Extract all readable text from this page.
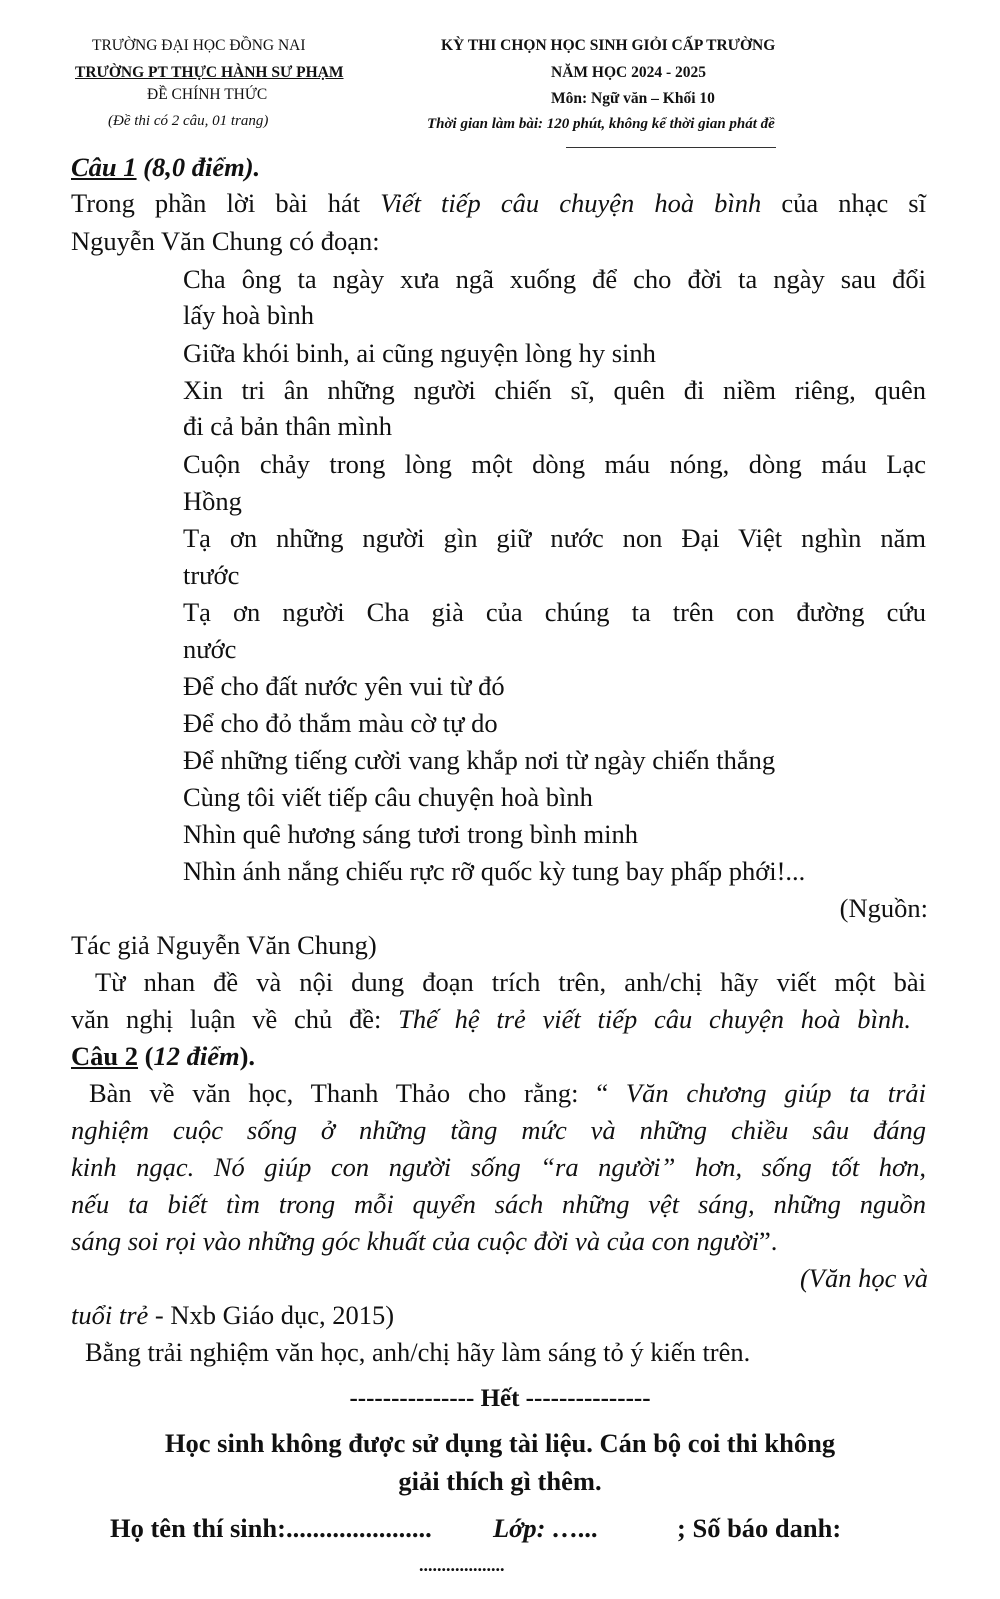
TRƯỜNG ĐẠI HỌC ĐỒNG NAI
TRƯỜNG PT THỰC HÀNH SƯ PHẠM
ĐỀ CHÍNH THỨC
(Đề thi có 2 câu, 01 trang)
KỲ THI CHỌN HỌC SINH GIỎI CẤP TRƯỜNG
NĂM HỌC 2024 - 2025
Môn: Ngữ văn – Khối 10
Thời gian làm bài: 120 phút, không kể thời gian phát đề
Câu 1 (8,0 điểm).
Trong phần lời bài hát Viết tiếp câu chuyện hoà bình của nhạc sĩ
Nguyễn Văn Chung có đoạn:
Cha ông ta ngày xưa ngã xuống để cho đời ta ngày sau đổi
lấy hoà bình
Giữa khói binh, ai cũng nguyện lòng hy sinh
Xin tri ân những người chiến sĩ, quên đi niềm riêng, quên
đi cả bản thân mình
Cuộn chảy trong lòng một dòng máu nóng, dòng máu Lạc
Hồng
Tạ ơn những người gìn giữ nước non Đại Việt nghìn năm
trước
Tạ ơn người Cha già của chúng ta trên con đường cứu
nước
Để cho đất nước yên vui từ đó
Để cho đỏ thắm màu cờ tự do
Để những tiếng cười vang khắp nơi từ ngày chiến thắng
Cùng tôi viết tiếp câu chuyện hoà bình
Nhìn quê hương sáng tươi trong bình minh
Nhìn ánh nắng chiếu rực rỡ quốc kỳ tung bay phấp phới!...
(Nguồn:
Tác giả Nguyễn Văn Chung)
Từ nhan đề và nội dung đoạn trích trên, anh/chị hãy viết một bài
văn nghị luận về chủ đề: Thế hệ trẻ viết tiếp câu chuyện hoà bình.
Câu 2 (12 điểm).
Bàn về văn học, Thanh Thảo cho rằng: “ Văn chương giúp ta trải
nghiệm cuộc sống ở những tầng mức và những chiều sâu đáng
kinh ngạc. Nó giúp con người sống “ra người” hơn, sống tốt hơn,
nếu ta biết tìm trong mỗi quyển sách những vệt sáng, những nguồn
sáng soi rọi vào những góc khuất của cuộc đời và của con người”.
(Văn học và
tuổi trẻ - Nxb Giáo dục, 2015)
Bằng trải nghiệm văn học, anh/chị hãy làm sáng tỏ ý kiến trên.
--------------- Hết ---------------
Học sinh không được sử dụng tài liệu. Cán bộ coi thi không
giải thích gì thêm.
Họ tên thí sinh:...................... Lớp: …...	; Số báo danh:
...................
